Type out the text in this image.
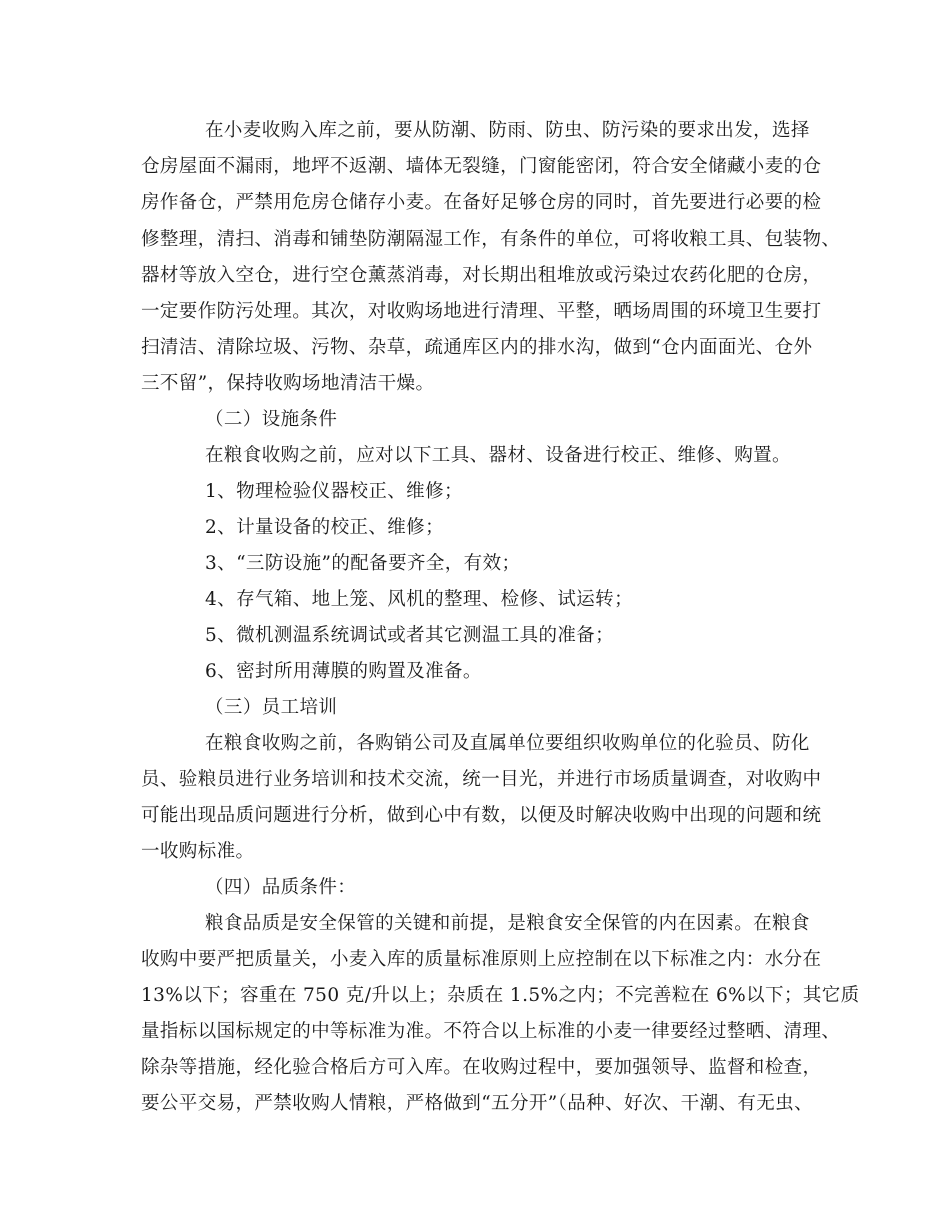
在小麦收购入库之前，要从防潮、防雨、防虫、防污染的要求出发，选择
仓房屋面不漏雨，地坪不返潮、墙体无裂缝，门窗能密闭，符合安全储藏小麦的仓
房作备仓，严禁用危房仓储存小麦。在备好足够仓房的同时，首先要进行必要的检
修整理，清扫、消毒和铺垫防潮隔湿工作，有条件的单位，可将收粮工具、包装物、
器材等放入空仓，进行空仓薰蒸消毒，对长期出租堆放或污染过农药化肥的仓房，
一定要作防污处理。其次，对收购场地进行清理、平整，晒场周围的环境卫生要打
扫清洁、清除垃圾、污物、杂草，疏通库区内的排水沟，做到“仓内面面光、仓外
三不留”，保持收购场地清洁干燥。
（二）设施条件
在粮食收购之前，应对以下工具、器材、设备进行校正、维修、购置。
1、物理检验仪器校正、维修；
2、计量设备的校正、维修；
3、“三防设施”的配备要齐全，有效；
4、存气箱、地上笼、风机的整理、检修、试运转；
5、微机测温系统调试或者其它测温工具的准备；
6、密封所用薄膜的购置及准备。
（三）员工培训
在粮食收购之前，各购销公司及直属单位要组织收购单位的化验员、防化
员、验粮员进行业务培训和技术交流，统一目光，并进行市场质量调查，对收购中
可能出现品质问题进行分析，做到心中有数，以便及时解决收购中出现的问题和统
一收购标准。
（四）品质条件：
粮食品质是安全保管的关键和前提，是粮食安全保管的内在因素。在粮食
收购中要严把质量关，小麦入库的质量标准原则上应控制在以下标准之内：水分在
13%以下；容重在 750 克/升以上；杂质在 1.5%之内；不完善粒在 6%以下；其它质
量指标以国标规定的中等标准为准。不符合以上标准的小麦一律要经过整晒、清理、
除杂等措施，经化验合格后方可入库。在收购过程中，要加强领导、监督和检查，
要公平交易，严禁收购人情粮，严格做到“五分开”（品种、好次、干潮、有无虫、
